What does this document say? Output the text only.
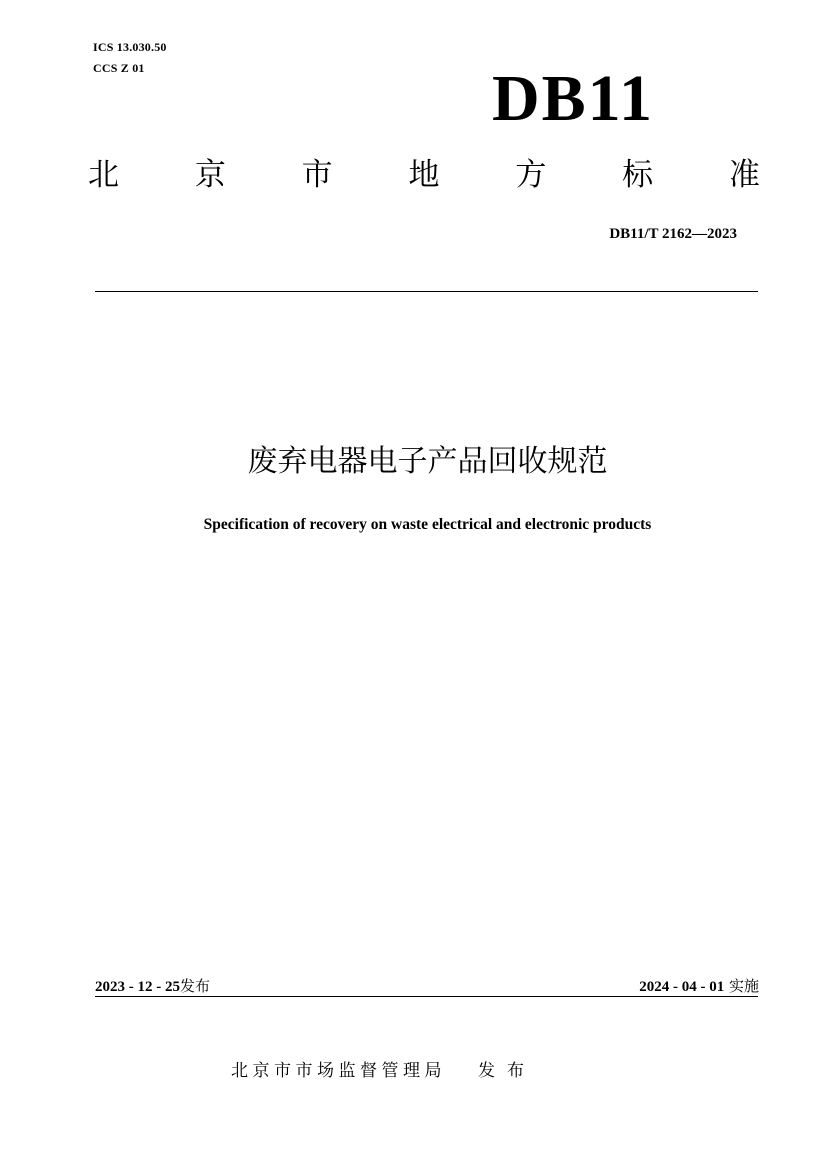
ICS 13.030.50
CCS Z 01	DB11
北 京 市 地 方 标 准
DB11/T 2162—2023
废弃电器电子产品回收规范
Specification of recovery on waste electrical and electronic products
2023 - 12 - 25发布	2024 - 04 - 01 实施
北京市市场监督管理局 发布
